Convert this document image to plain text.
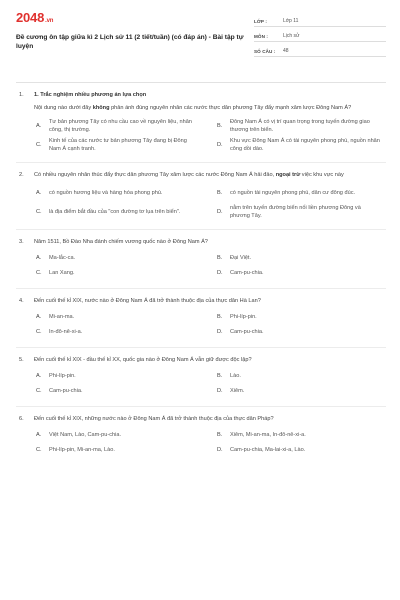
2048.vn
Đề cương ôn tập giữa kì 2 Lịch sử 11 (2 tiết/tuần) (có đáp án) - Bài tập tự luyện
LỚP :	Lớp 11
MÔN :	Lịch sử
SỐ CÂU :	48
1.	1. Trắc nghiệm nhiều phương án lựa chọn
Nội dung nào dưới đây không phản ánh đúng nguyên nhân các nước thực dân phương Tây đẩy mạnh xâm lược Đông Nam Á?
A.
Tư bản phương Tây có nhu cầu cao về nguyên liệu, nhân công, thị trường.
B.
Đông Nam Á có vị trí quan trọng trong tuyến đường giao thương trên biển.
C.
Kinh tế của các nước tư bản phương Tây đang bị Đông Nam Á cạnh tranh.
D.
Khu vực Đông Nam Á có tài nguyên phong phú, nguồn nhân công dồi dào.
2.	Có nhiều nguyên nhân thúc đẩy thực dân phương Tây xâm lược các nước Đông Nam Á hải đảo, ngoại trừ việc khu vực này
A.	có nguồn hương liệu và hàng hóa phong phú.	B.	có nguồn tài nguyên phong phú, dân cư đông đúc.
C.	là địa điểm bắt đầu của "con đường tơ lụa trên biển".	D.
nằm trên tuyến đường biển nối liền phương Đông và phương Tây.
3.	Năm 1511, Bồ Đào Nha đánh chiếm vương quốc nào ở Đông Nam Á?
A.	Ma-lắc-ca.	B.	Đại Việt.
C.	Lan Xang.	D.	Cam-pu-chia.
4.	Đến cuối thế kỉ XIX, nước nào ở Đông Nam Á đã trở thành thuộc địa của thực dân Hà Lan?
A.	Mi-an-ma.	B.	Phi-líp-pin.
C.	In-đô-nê-xi-a.	D.	Cam-pu-chia.
5.	Đến cuối thế kỉ XIX - đầu thế kỉ XX, quốc gia nào ở Đông Nam Á vẫn giữ được độc lập?
A.	Phi-líp-pin.	B.	Lào.
C.	Cam-pu-chia.	D.	Xiêm.
6.	Đến cuối thế kỉ XIX, những nước nào ở Đông Nam Á đã trở thành thuộc địa của thực dân Pháp?
A.	Việt Nam, Lào, Cam-pu-chia.	B.	Xiêm, Mi-an-ma, In-đô-nê-xi-a.
C.	Phi-líp-pin, Mi-an-ma, Lào.	D.	Cam-pu-chia, Ma-lai-xi-a, Lào.
